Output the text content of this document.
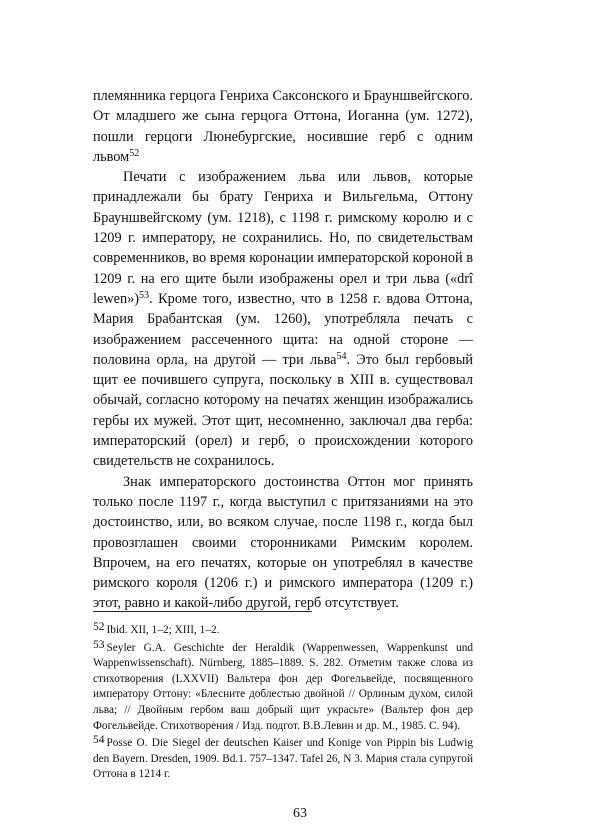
племянника герцога Генриха Саксонского и Брауншвейгского. От младшего же сына герцога Оттона, Иоганна (ум. 1272), пошли герцоги Люнебургские, носившие герб с одним львом$^{52}$

Печати с изображением льва или львов, которые принадлежали бы брату Генриха и Вильгельма, Оттону Брауншвейгскому (ум. 1218), с 1198 г. римскому королю и с 1209 г. императору, не сохранились. Но, по свидетельствам современников, во время коронации императорской короной в 1209 г. на его щите были изображены орел и три льва («drî lewen»)$^{53}$. Кроме того, известно, что в 1258 г. вдова Оттона, Мария Брабантская (ум. 1260), употребляла печать с изображением рассеченного щита: на одной стороне — половина орла, на другой — три льва$^{54}$. Это был гербовый щит ее почившего супруга, поскольку в XIII в. существовал обычай, согласно которому на печатях женщин изображались гербы их мужей. Этот щит, несомненно, заключал два герба: императорский (орел) и герб, о происхождении которого свидетельств не сохранилось.

Знак императорского достоинства Оттон мог принять только после 1197 г., когда выступил с притязаниями на это достоинство, или, во всяком случае, после 1198 г., когда был провозглашен своими сторонниками Римским королем. Впрочем, на его печатях, которые он употреблял в качестве римского короля (1206 г.) и римского императора (1209 г.) этот, равно и какой-либо другой, герб отсутствует.

52 Ibid. XII, 1–2; XIII, 1–2.

53 Seyler G.A. Geschichte der Heraldik (Wappenwessen, Wappenkunst und Wappenwissenschaft). Nürnberg, 1885–1889. S. 282. Отметим также слова из стихотворения (LXXVII) Вальтера фон дер Фогельвейде, посвященного императору Оттону: «Блесните доблестью двойной // Орлиным духом, силой льва; // Двойным гербом ваш добрый щит украсьте» (Вальтер фон дер Фогельвейде. Стихотворения / Изд. подгот. В.В.Левин и др. М., 1985. С. 94).

54 Posse O. Die Siegel der deutschen Kaiser und Konige von Pippin bis Ludwig den Bayern. Dresden, 1909. Bd.1. 757–1347. Tafel 26, N 3. Мария стала супругой Оттона в 1214 г.

63
